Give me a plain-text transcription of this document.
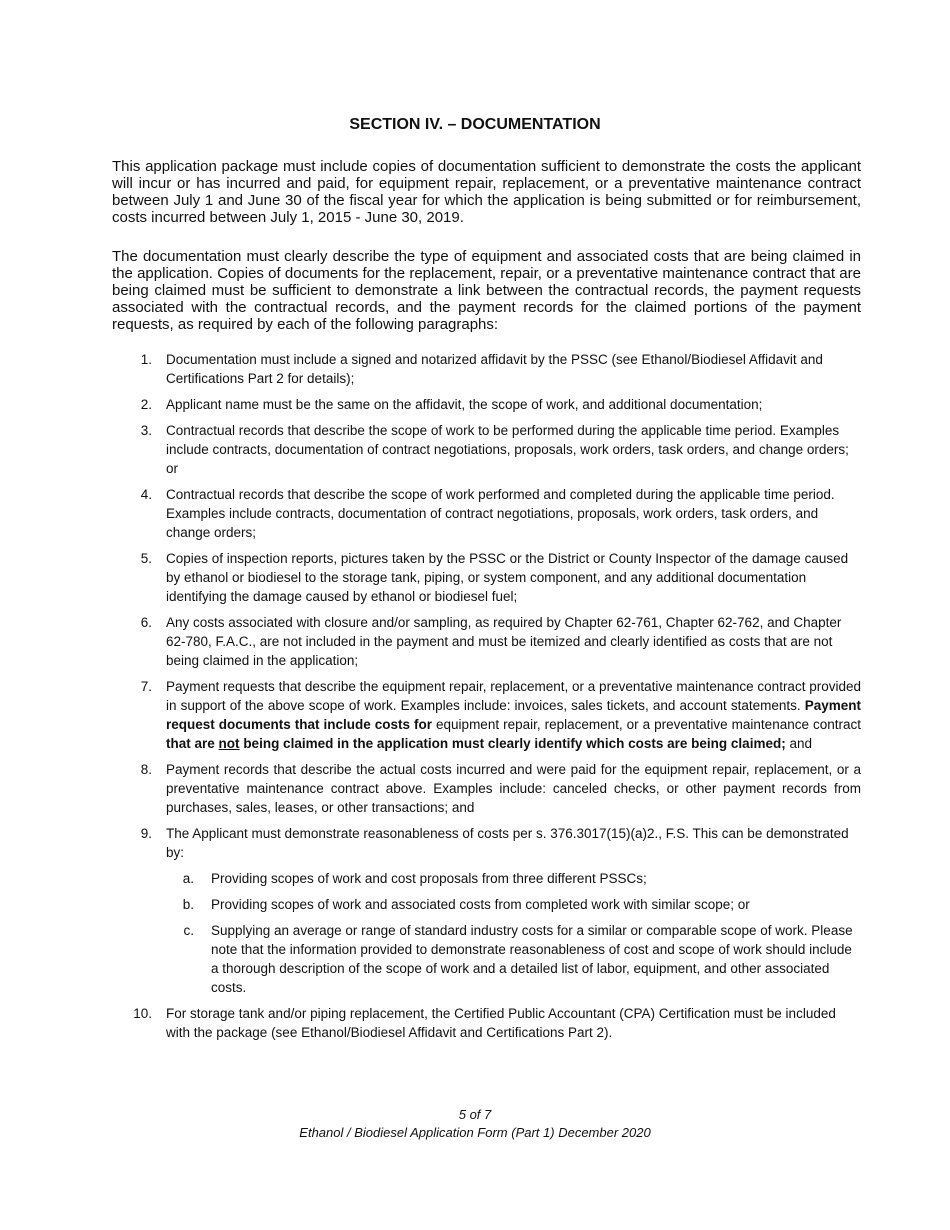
SECTION IV. – DOCUMENTATION

This application package must include copies of documentation sufficient to demonstrate the costs the applicant will incur or has incurred and paid, for equipment repair, replacement, or a preventative maintenance contract between July 1 and June 30 of the fiscal year for which the application is being submitted or for reimbursement, costs incurred between July 1, 2015 - June 30, 2019.

The documentation must clearly describe the type of equipment and associated costs that are being claimed in the application. Copies of documents for the replacement, repair, or a preventative maintenance contract that are being claimed must be sufficient to demonstrate a link between the contractual records, the payment requests associated with the contractual records, and the payment records for the claimed portions of the payment requests, as required by each of the following paragraphs:

1. Documentation must include a signed and notarized affidavit by the PSSC (see Ethanol/Biodiesel Affidavit and Certifications Part 2 for details);
2. Applicant name must be the same on the affidavit, the scope of work, and additional documentation;
3. Contractual records that describe the scope of work to be performed during the applicable time period. Examples include contracts, documentation of contract negotiations, proposals, work orders, task orders, and change orders; or
4. Contractual records that describe the scope of work performed and completed during the applicable time period. Examples include contracts, documentation of contract negotiations, proposals, work orders, task orders, and change orders;
5. Copies of inspection reports, pictures taken by the PSSC or the District or County Inspector of the damage caused by ethanol or biodiesel to the storage tank, piping, or system component, and any additional documentation identifying the damage caused by ethanol or biodiesel fuel;
6. Any costs associated with closure and/or sampling, as required by Chapter 62-761, Chapter 62-762, and Chapter 62-780, F.A.C., are not included in the payment and must be itemized and clearly identified as costs that are not being claimed in the application;
7. Payment requests that describe the equipment repair, replacement, or a preventative maintenance contract provided in support of the above scope of work. Examples include: invoices, sales tickets, and account statements. Payment request documents that include costs for equipment repair, replacement, or a preventative maintenance contract that are not being claimed in the application must clearly identify which costs are being claimed; and
8. Payment records that describe the actual costs incurred and were paid for the equipment repair, replacement, or a preventative maintenance contract above. Examples include: canceled checks, or other payment records from purchases, sales, leases, or other transactions; and
9. The Applicant must demonstrate reasonableness of costs per s. 376.3017(15)(a)2., F.S. This can be demonstrated by:
a. Providing scopes of work and cost proposals from three different PSSCs;
b. Providing scopes of work and associated costs from completed work with similar scope; or
c. Supplying an average or range of standard industry costs for a similar or comparable scope of work. Please note that the information provided to demonstrate reasonableness of cost and scope of work should include a thorough description of the scope of work and a detailed list of labor, equipment, and other associated costs.
10. For storage tank and/or piping replacement, the Certified Public Accountant (CPA) Certification must be included with the package (see Ethanol/Biodiesel Affidavit and Certifications Part 2).
5 of 7
Ethanol / Biodiesel Application Form (Part 1) December 2020
